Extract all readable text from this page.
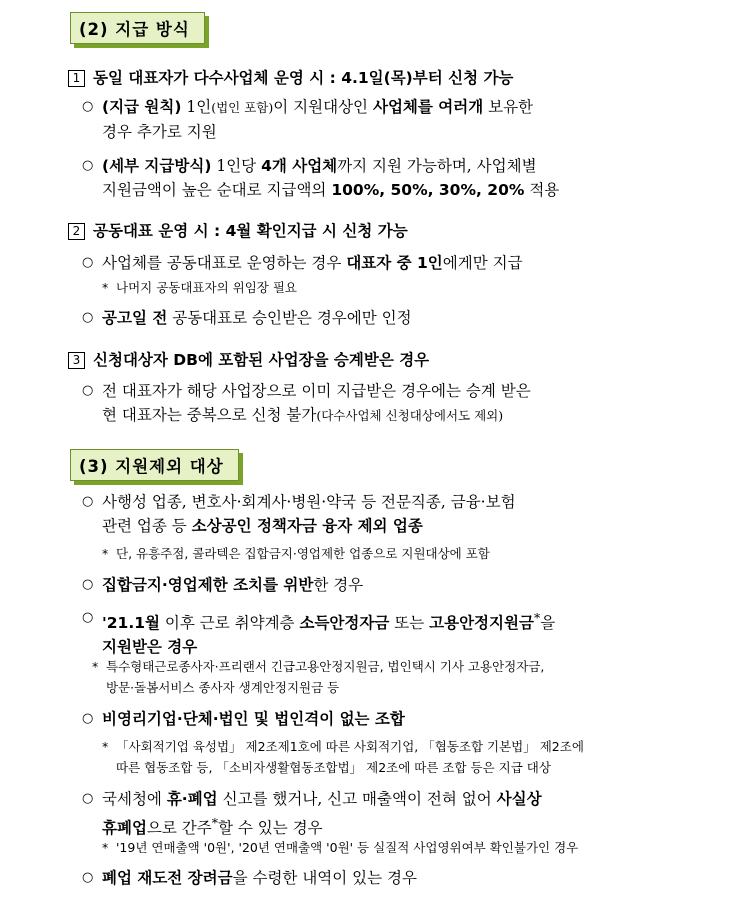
(2) 지급 방식
1 동일 대표자가 다수사업체 운영 시 : 4.1일(목)부터 신청 가능
○ (지급 원칙) 1인(법인 포함)이 지원대상인 사업체를 여러개 보유한
경우 추가로 지원
○ (세부 지급방식) 1인당 4개 사업체까지 지원 가능하며, 사업체별
지원금액이 높은 순대로 지급액의 100%, 50%, 30%, 20% 적용
2 공동대표 운영 시 : 4월 확인지급 시 신청 가능
○ 사업체를 공동대표로 운영하는 경우 대표자 중 1인에게만 지급
* 나머지 공동대표자의 위임장 필요
○ 공고일 전 공동대표로 승인받은 경우에만 인정
3 신청대상자 DB에 포함된 사업장을 승계받은 경우
○ 전 대표자가 해당 사업장으로 이미 지급받은 경우에는 승계 받은
현 대표자는 중복으로 신청 불가(다수사업체 신청대상에서도 제외)
(3) 지원제외 대상
○ 사행성 업종, 변호사·회계사·병원·약국 등 전문직종, 금융·보험
관련 업종 등 소상공인 정책자금 융자 제외 업종
* 단, 유흥주점, 콜라텍은 집합금지·영업제한 업종으로 지원대상에 포함
○ 집합금지·영업제한 조치를 위반한 경우
○ '21.1월 이후 근로 취약계층 소득안정자금 또는 고용안정지원금*을
지원받은 경우
* 특수형태근로종사자·프리랜서 긴급고용안정지원금, 법인택시 기사 고용안정자금,
방문·돌봄서비스 종사자 생계안정지원금 등
○ 비영리기업·단체·법인 및 법인격이 없는 조합
* 「사회적기업 육성법」 제2조제1호에 따른 사회적기업, 「협동조합 기본법」 제2조에
따른 협동조합 등, 「소비자생활협동조합법」 제2조에 따른 조합 등은 지급 대상
○ 국세청에 휴·폐업 신고를 했거나, 신고 매출액이 전혀 없어 사실상
휴폐업으로 간주*할 수 있는 경우
* '19년 연매출액 '0원', '20년 연매출액 '0원' 등 실질적 사업영위여부 확인불가인 경우
○ 폐업 재도전 장려금을 수령한 내역이 있는 경우
